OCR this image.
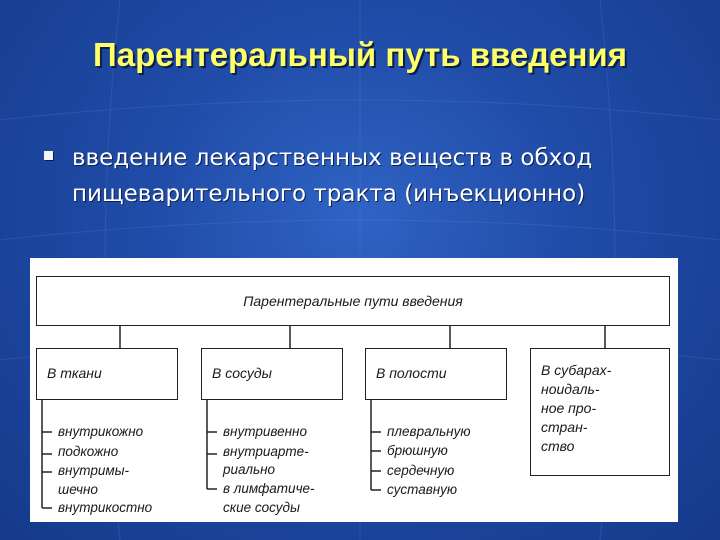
Парентеральный путь введения
введение лекарственных веществ в обход пищеварительного тракта (инъекционно)
Парентеральные пути введения
В ткани	В сосуды	В полости	В субарах-
ноидаль-
ное про-
стран-
ство
внутрикожно
подкожно
внутримы-
шечно
внутрикостно
внутривенно
внутриарте-
риально
в лимфатиче-
ские сосуды
плевральную
брюшную
сердечную
суставную
